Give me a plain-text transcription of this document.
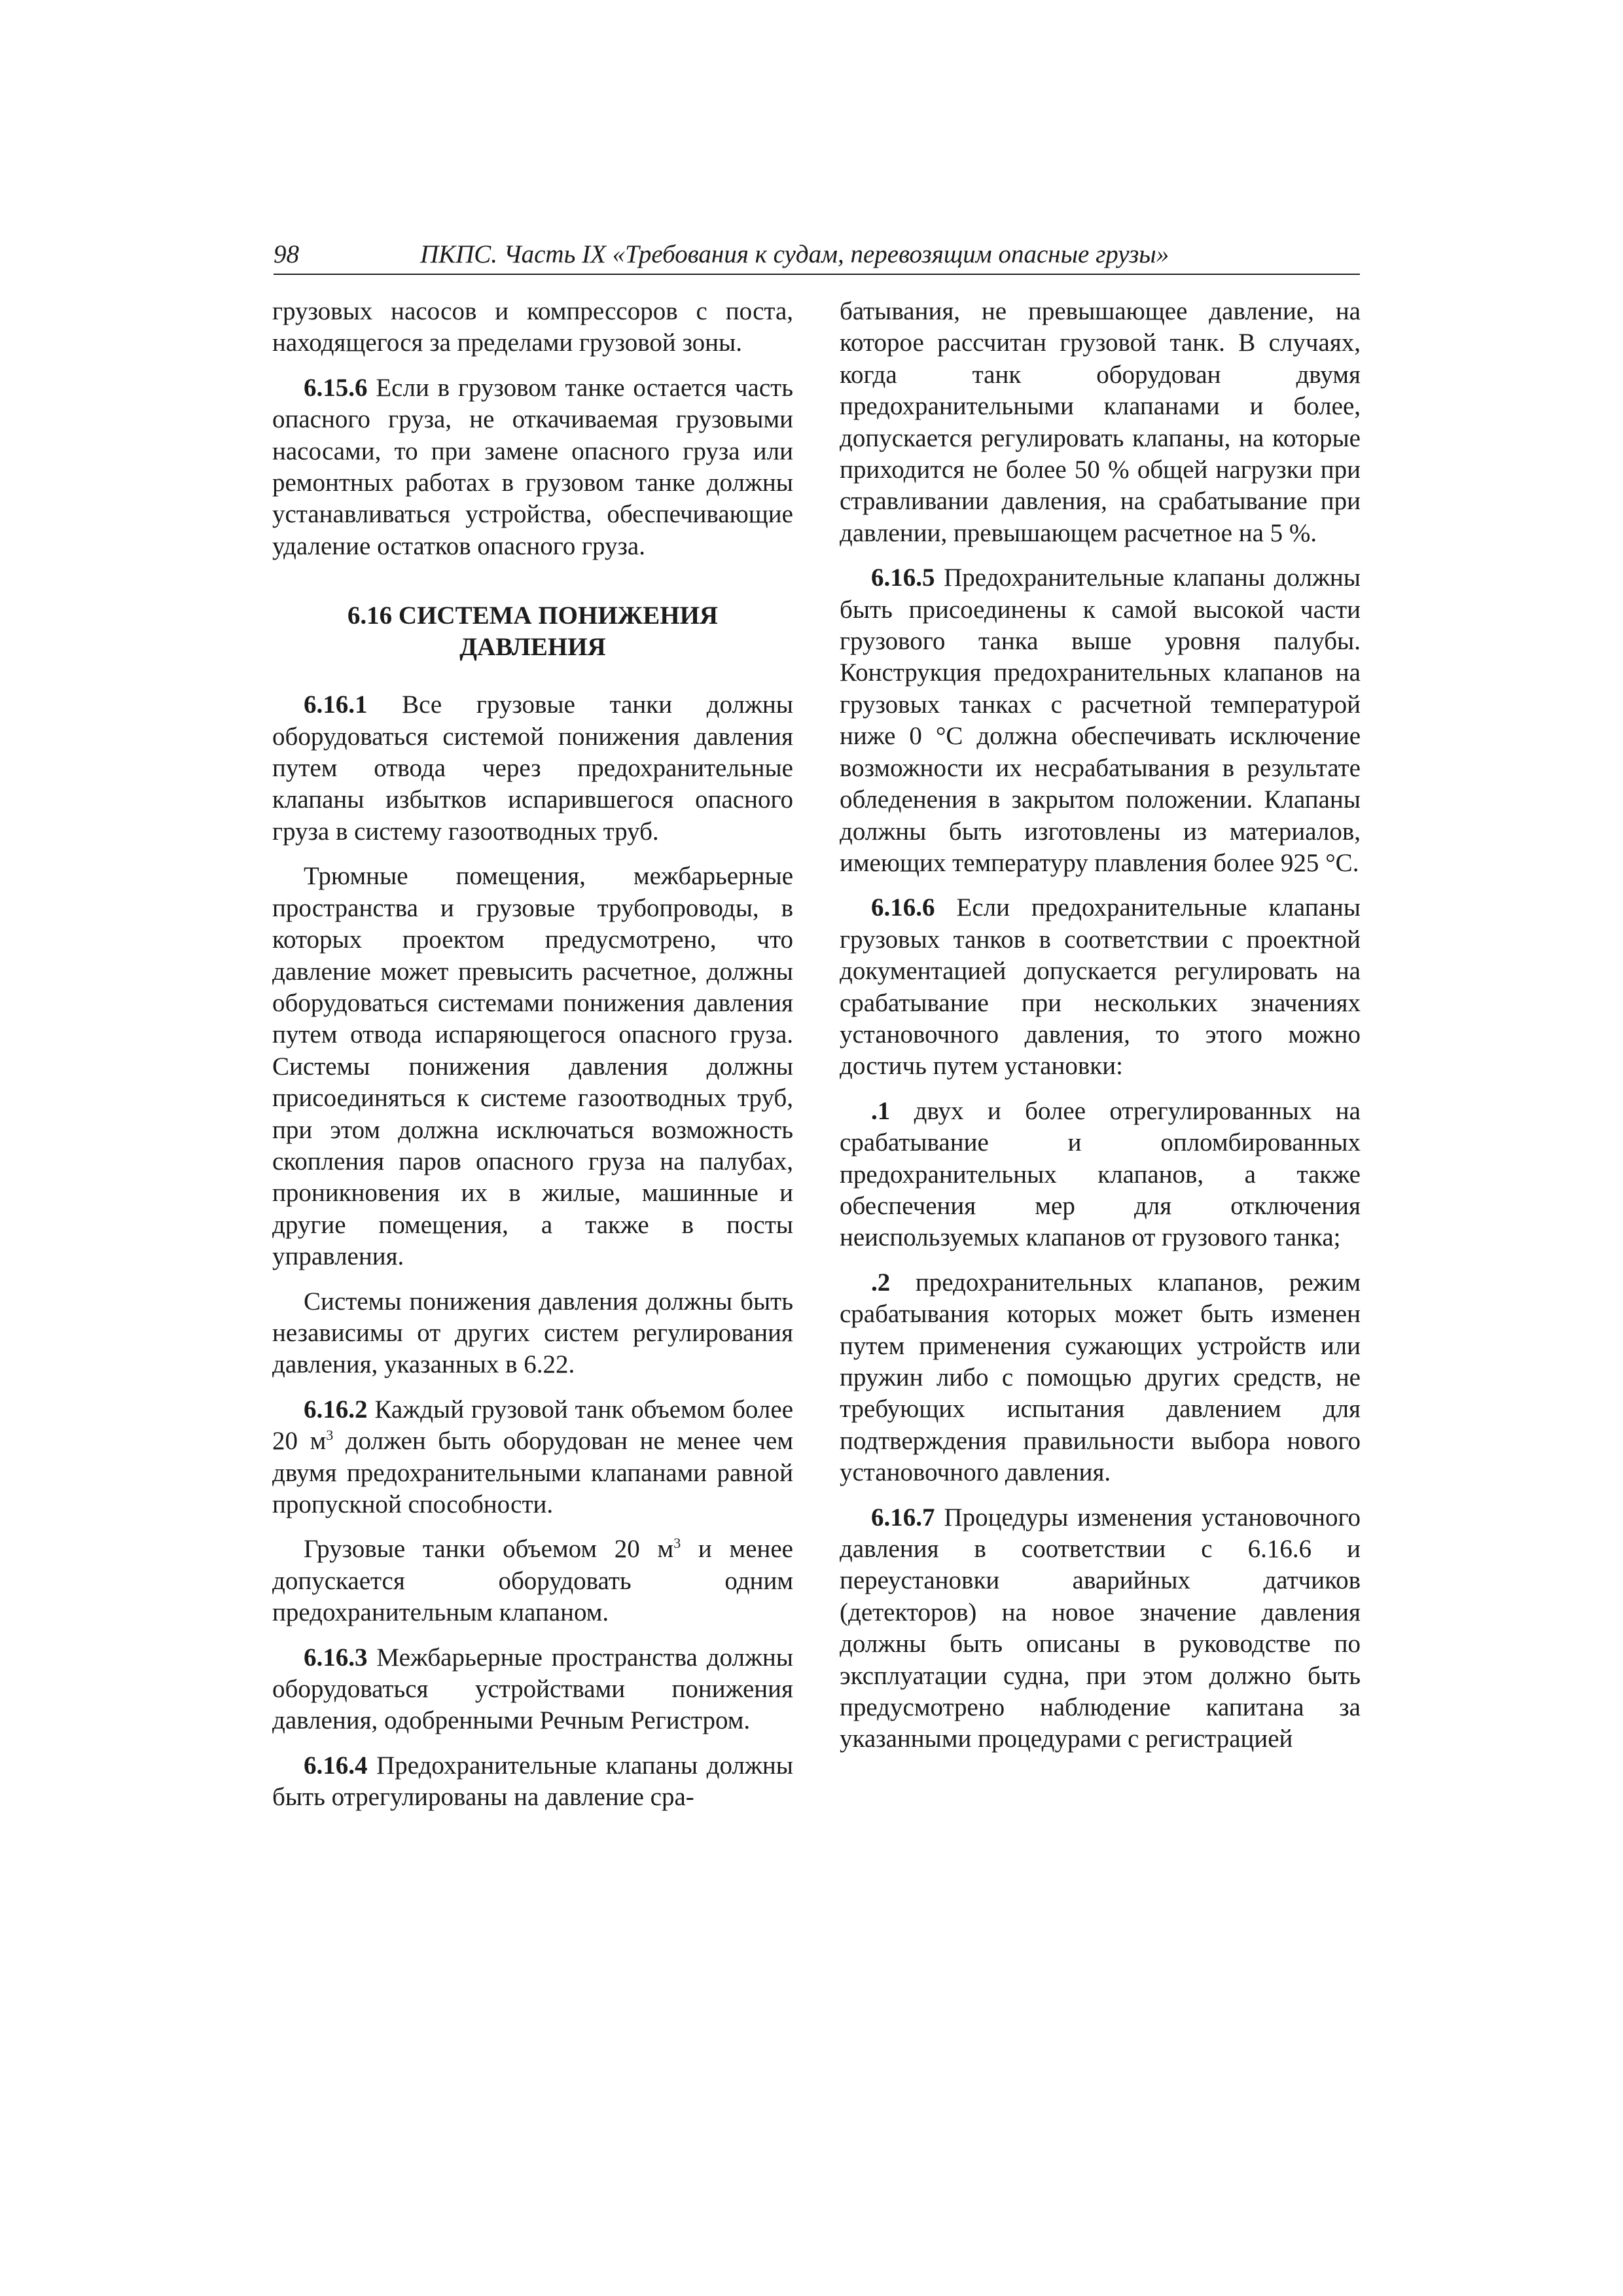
98	ПКПС. Часть IX «Требования к судам, перевозящим опасные грузы»

грузовых насосов и компрессоров с поста, находящегося за пределами грузовой зоны.

6.15.6 Если в грузовом танке остается часть опасного груза, не откачиваемая грузовыми насосами, то при замене опасного груза или ремонтных работах в грузовом танке должны устанавливаться устройства, обеспечивающие удаление остатков опасного груза.

6.16 СИСТЕМА ПОНИЖЕНИЯ
ДАВЛЕНИЯ

6.16.1 Все грузовые танки должны оборудоваться системой понижения давления путем отвода через предохранительные клапаны избытков испарившегося опасного груза в систему газоотводных труб.

Трюмные помещения, межбарьерные пространства и грузовые трубопроводы, в которых проектом предусмотрено, что давление может превысить расчетное, должны оборудоваться системами понижения давления путем отвода испаряющегося опасного груза. Системы понижения давления должны присоединяться к системе газоотводных труб, при этом должна исключаться возможность скопления паров опасного груза на палубах, проникновения их в жилые, машинные и другие помещения, а также в посты управления.

Системы понижения давления должны быть независимы от других систем регулирования давления, указанных в 6.22.

6.16.2 Каждый грузовой танк объемом более 20 $м^3$ должен быть оборудован не менее чем двумя предохранительными клапанами равной пропускной способности.

Грузовые танки объемом 20 $м^3$ и менее допускается оборудовать одним предохранительным клапаном.

6.16.3 Межбарьерные пространства должны оборудоваться устройствами понижения давления, одобренными Речным Регистром.

6.16.4 Предохранительные клапаны должны быть отрегулированы на давление сра-

батывания, не превышающее давление, на которое рассчитан грузовой танк. В случаях, когда танк оборудован двумя предохранительными клапанами и более, допускается регулировать клапаны, на которые приходится не более 50 % общей нагрузки при стравливании давления, на срабатывание при давлении, превышающем расчетное на 5 %.

6.16.5 Предохранительные клапаны должны быть присоединены к самой высокой части грузового танка выше уровня палубы. Конструкция предохранительных клапанов на грузовых танках с расчетной температурой ниже 0 °С должна обеспечивать исключение возможности их несрабатывания в результате обледенения в закрытом положении. Клапаны должны быть изготовлены из материалов, имеющих температуру плавления более 925 °С.

6.16.6 Если предохранительные клапаны грузовых танков в соответствии с проектной документацией допускается регулировать на срабатывание при нескольких значениях установочного давления, то этого можно достичь путем установки:

.1 двух и более отрегулированных на срабатывание и опломбированных предохранительных клапанов, а также обеспечения мер для отключения неиспользуемых клапанов от грузового танка;

.2 предохранительных клапанов, режим срабатывания которых может быть изменен путем применения сужающих устройств или пружин либо с помощью других средств, не требующих испытания давлением для подтверждения правильности выбора нового установочного давления.

6.16.7 Процедуры изменения установочного давления в соответствии с 6.16.6 и переустановки аварийных датчиков (детекторов) на новое значение давления должны быть описаны в руководстве по эксплуатации судна, при этом должно быть предусмотрено наблюдение капитана за указанными процедурами с регистрацией
